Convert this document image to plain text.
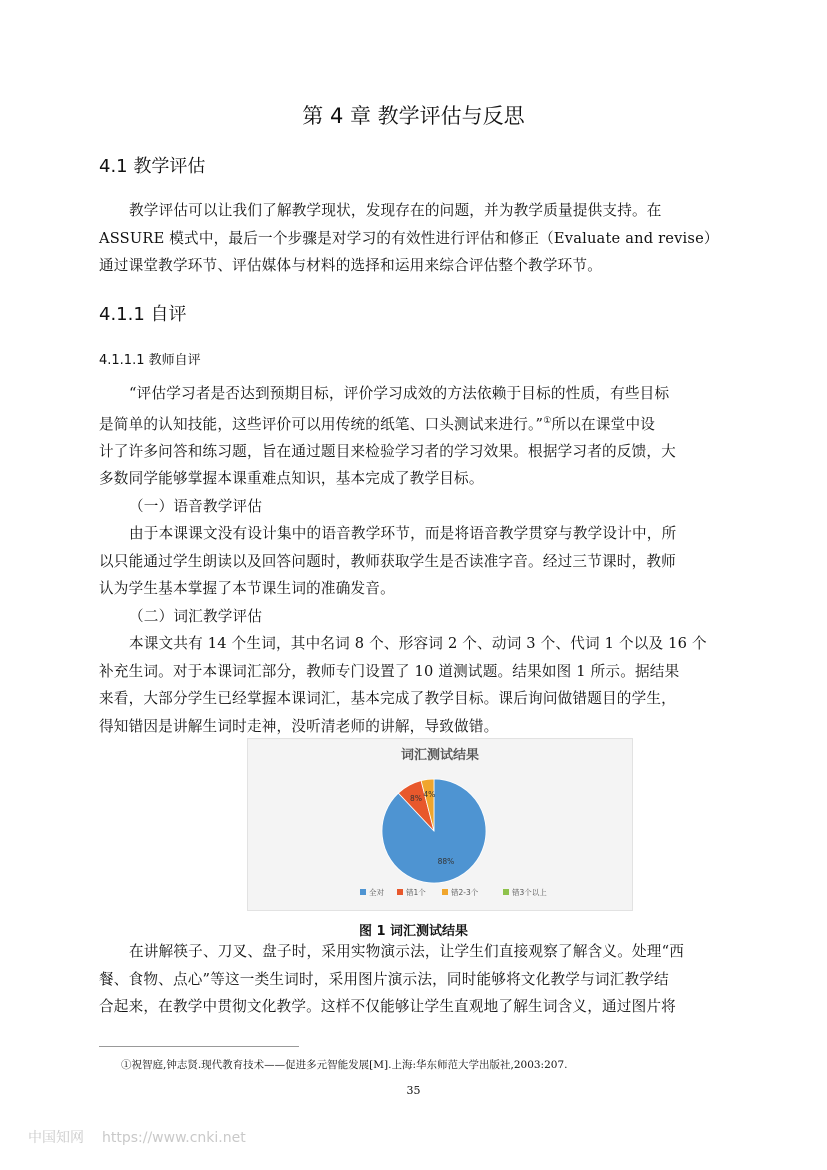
第 4 章 教学评估与反思
4.1 教学评估
教学评估可以让我们了解教学现状，发现存在的问题，并为教学质量提供支持。在
ASSURE 模式中，最后一个步骤是对学习的有效性进行评估和修正（Evaluate and revise）
通过课堂教学环节、评估媒体与材料的选择和运用来综合评估整个教学环节。
4.1.1 自评
4.1.1.1 教师自评
“评估学习者是否达到预期目标，评价学习成效的方法依赖于目标的性质，有些目标
是简单的认知技能，这些评价可以用传统的纸笔、口头测试来进行。”①所以在课堂中设
计了许多问答和练习题，旨在通过题目来检验学习者的学习效果。根据学习者的反馈，大
多数同学能够掌握本课重难点知识，基本完成了教学目标。
（一）语音教学评估
由于本课课文没有设计集中的语音教学环节，而是将语音教学贯穿与教学设计中，所
以只能通过学生朗读以及回答问题时，教师获取学生是否读准字音。经过三节课时，教师
认为学生基本掌握了本节课生词的准确发音。
（二）词汇教学评估
本课文共有 14 个生词，其中名词 8 个、形容词 2 个、动词 3 个、代词 1 个以及 16 个
补充生词。对于本课词汇部分，教师专门设置了 10 道测试题。结果如图 1 所示。据结果
来看，大部分学生已经掌握本课词汇，基本完成了教学目标。课后询问做错题目的学生，
得知错因是讲解生词时走神，没听清老师的讲解，导致做错。
词汇测试结果
88%
8% 4%
全对	错1个	错2-3个	错3个以上
图 1 词汇测试结果
在讲解筷子、刀叉、盘子时，采用实物演示法，让学生们直接观察了解含义。处理“西
餐、食物、点心”等这一类生词时，采用图片演示法，同时能够将文化教学与词汇教学结
合起来，在教学中贯彻文化教学。这样不仅能够让学生直观地了解生词含义，通过图片将
①祝智庭,钟志贤.现代教育技术——促进多元智能发展[M].上海:华东师范大学出版社,2003:207.
35
中国知网 https://www.cnki.net
